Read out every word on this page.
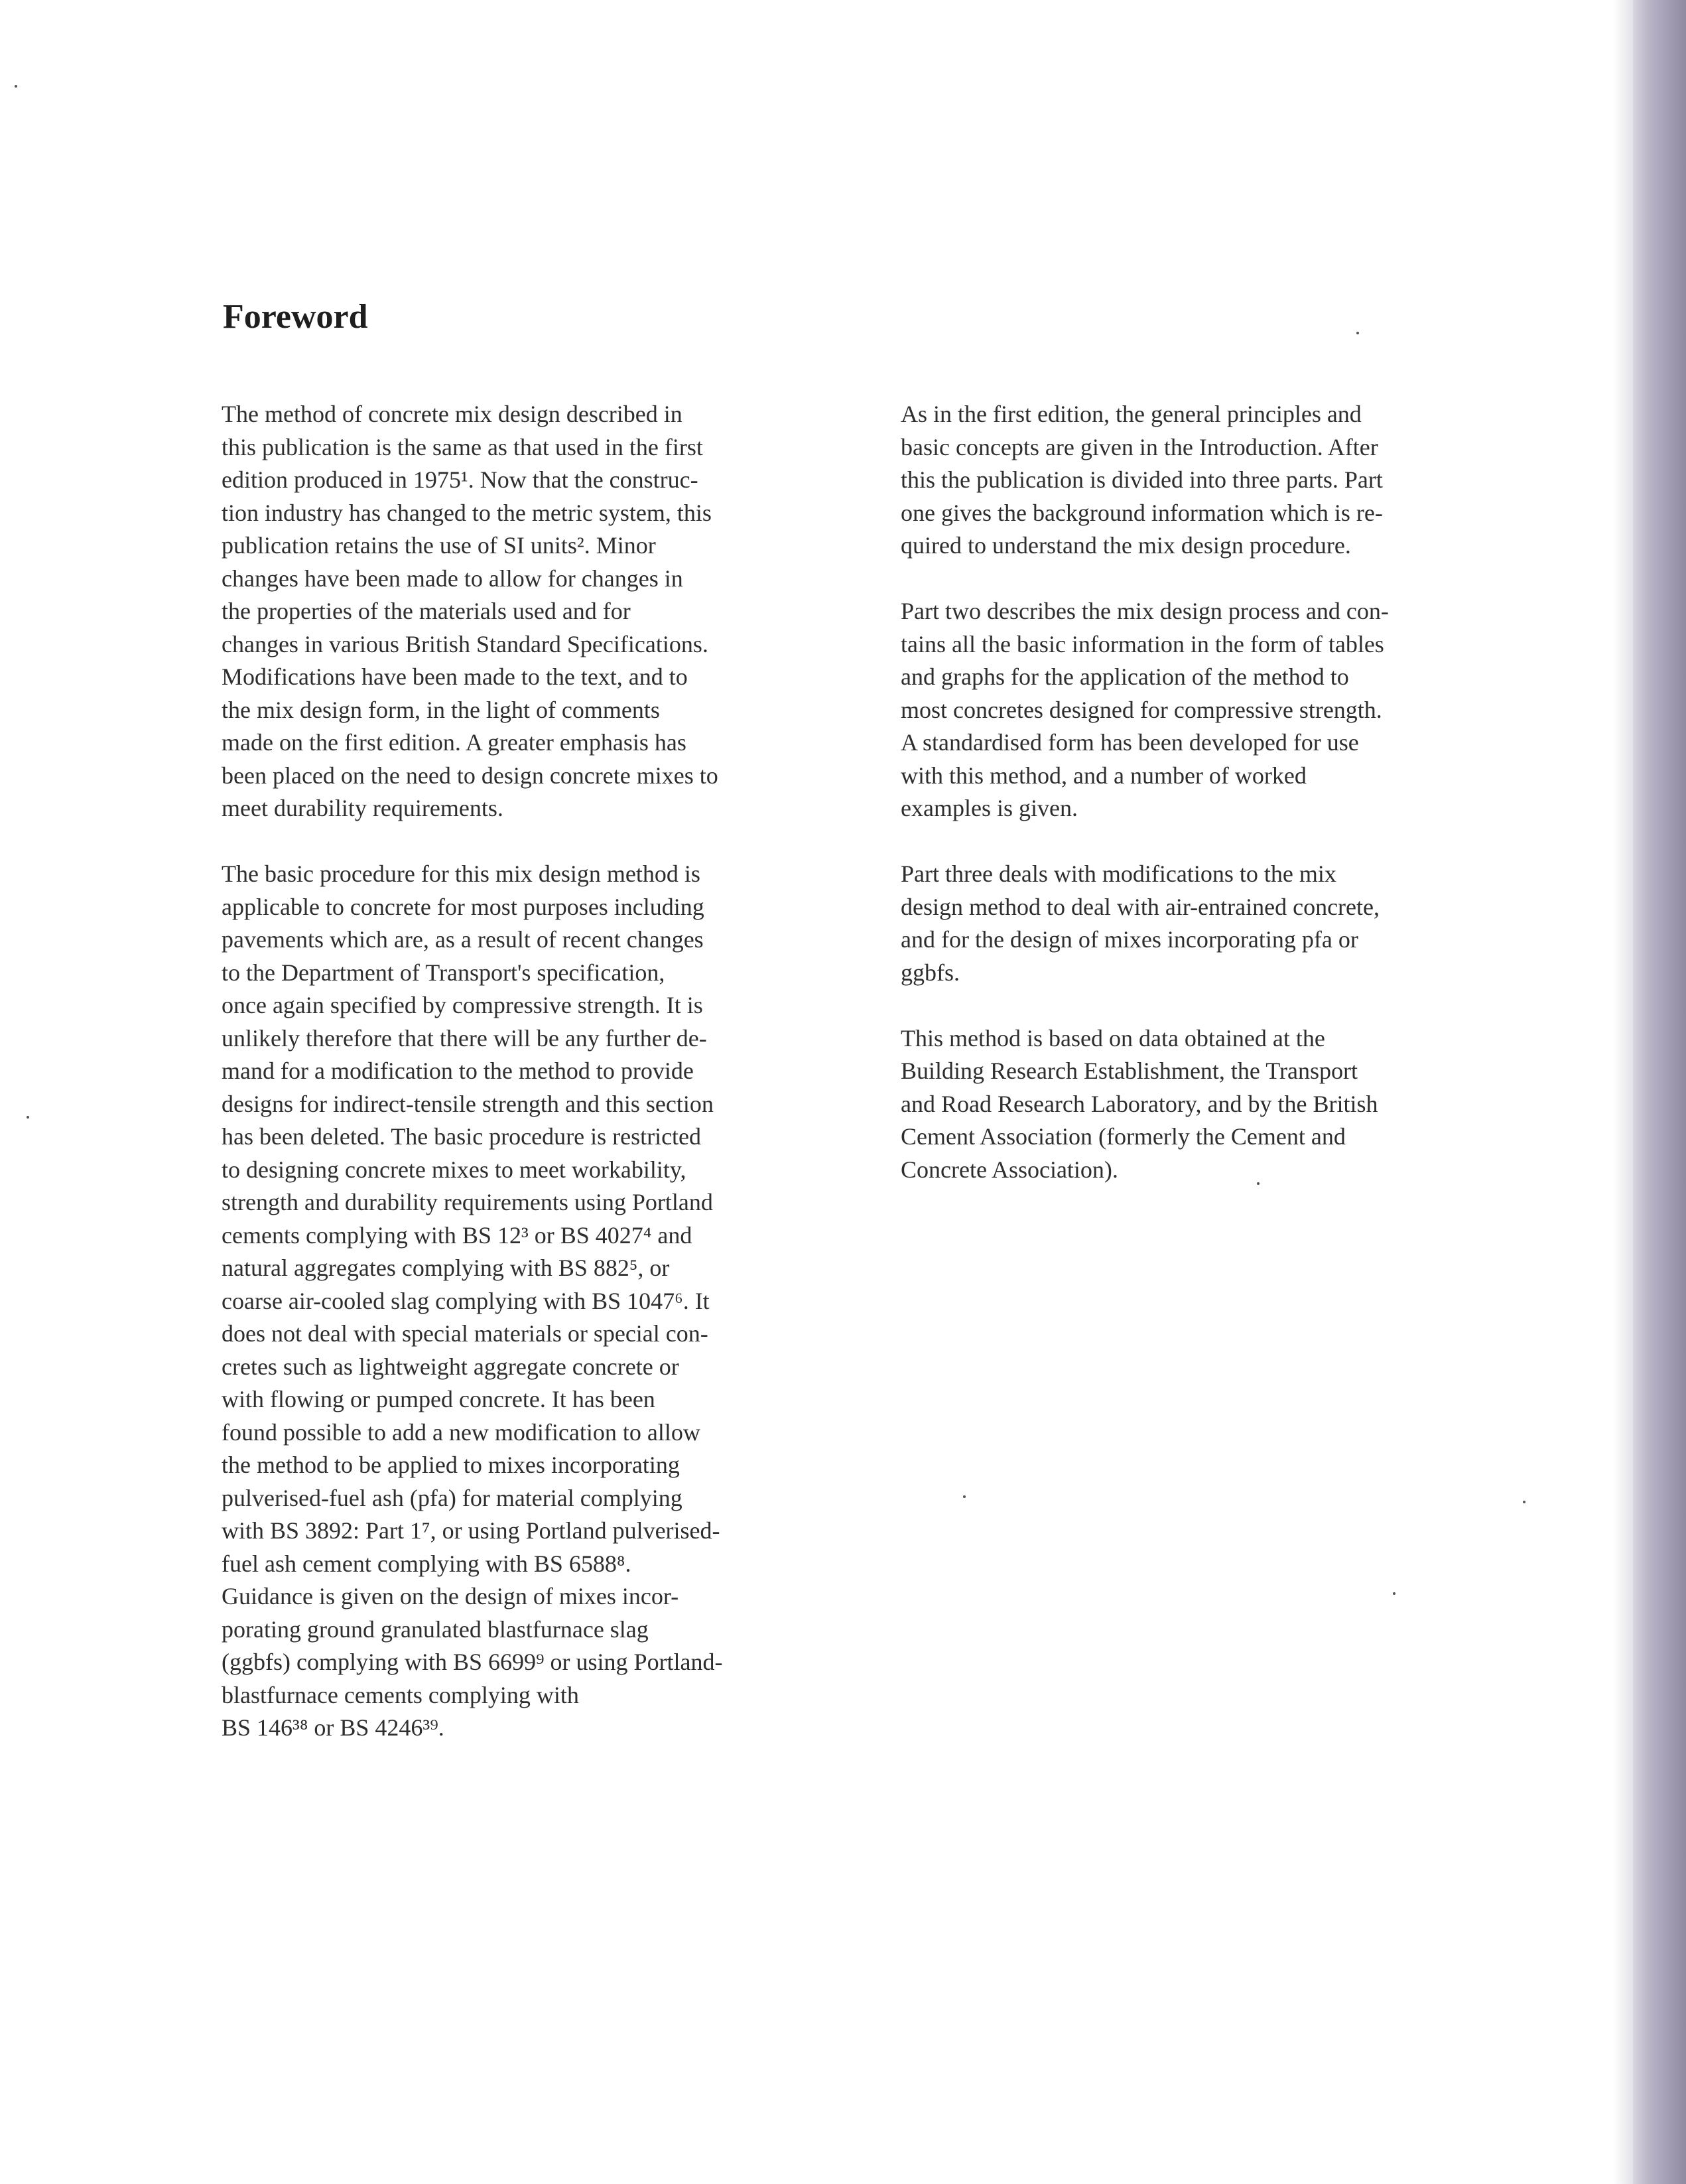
Foreword

The method of concrete mix design described in
this publication is the same as that used in the first
edition produced in 1975¹. Now that the construc-
tion industry has changed to the metric system, this
publication retains the use of SI units². Minor
changes have been made to allow for changes in
the properties of the materials used and for
changes in various British Standard Specifications.
Modifications have been made to the text, and to
the mix design form, in the light of comments
made on the first edition. A greater emphasis has
been placed on the need to design concrete mixes to
meet durability requirements.

The basic procedure for this mix design method is
applicable to concrete for most purposes including
pavements which are, as a result of recent changes
to the Department of Transport's specification,
once again specified by compressive strength. It is
unlikely therefore that there will be any further de-
mand for a modification to the method to provide
designs for indirect-tensile strength and this section
has been deleted. The basic procedure is restricted
to designing concrete mixes to meet workability,
strength and durability requirements using Portland
cements complying with BS 12³ or BS 4027⁴ and
natural aggregates complying with BS 882⁵, or
coarse air-cooled slag complying with BS 1047⁶. It
does not deal with special materials or special con-
cretes such as lightweight aggregate concrete or
with flowing or pumped concrete. It has been
found possible to add a new modification to allow
the method to be applied to mixes incorporating
pulverised-fuel ash (pfa) for material complying
with BS 3892: Part 1⁷, or using Portland pulverised-
fuel ash cement complying with BS 6588⁸.
Guidance is given on the design of mixes incor-
porating ground granulated blastfurnace slag
(ggbfs) complying with BS 6699⁹ or using Portland-
blastfurnace cements complying with
BS 146³⁸ or BS 4246³⁹.

As in the first edition, the general principles and
basic concepts are given in the Introduction. After
this the publication is divided into three parts. Part
one gives the background information which is re-
quired to understand the mix design procedure.

Part two describes the mix design process and con-
tains all the basic information in the form of tables
and graphs for the application of the method to
most concretes designed for compressive strength.
A standardised form has been developed for use
with this method, and a number of worked
examples is given.

Part three deals with modifications to the mix
design method to deal with air-entrained concrete,
and for the design of mixes incorporating pfa or
ggbfs.

This method is based on data obtained at the
Building Research Establishment, the Transport
and Road Research Laboratory, and by the British
Cement Association (formerly the Cement and
Concrete Association).
